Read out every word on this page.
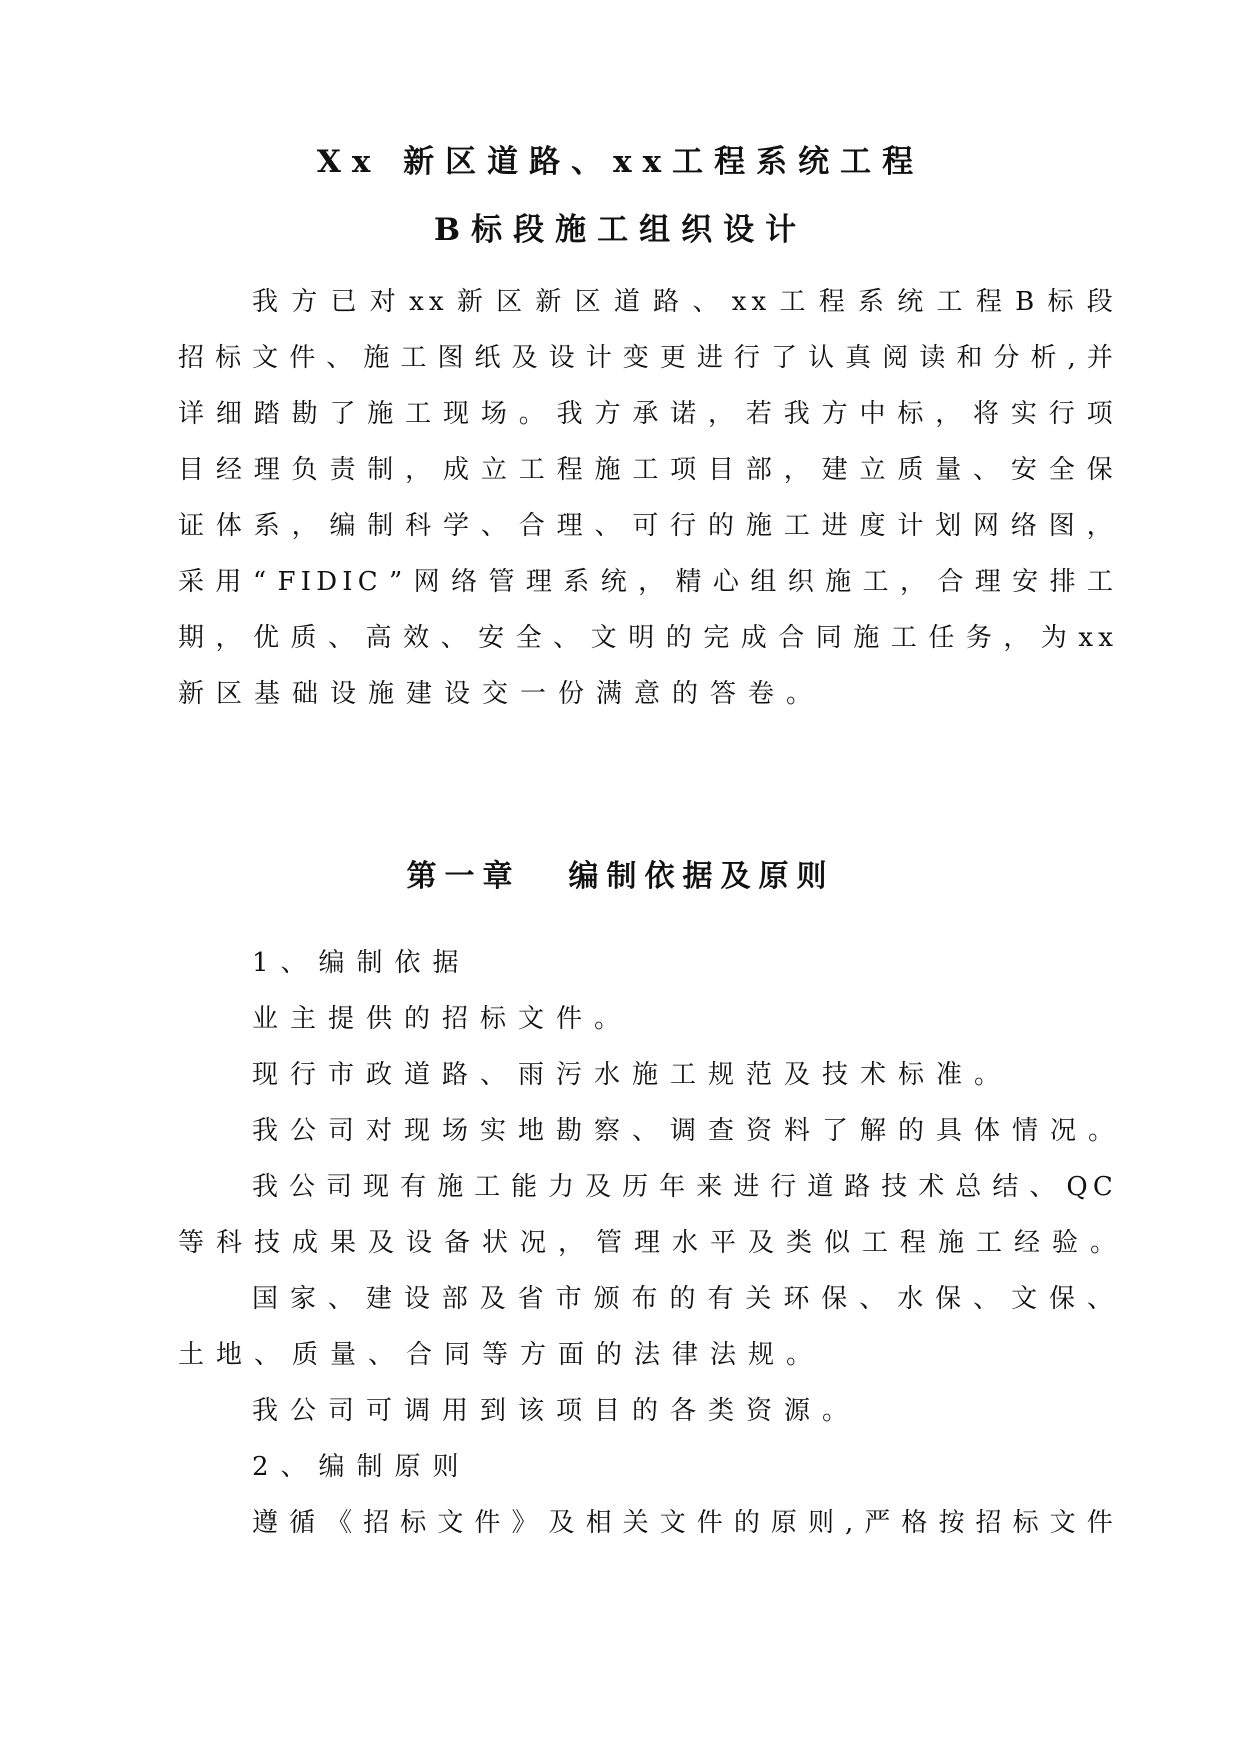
Xx 新区道路、xx工程系统工程
B标段施工组织设计
我 方 已 对 x x 新 区 新 区 道 路 、 x x 工 程 系 统 工 程 B 标 段
招 标 文 件 、 施 工 图 纸 及 设 计 变 更 进 行 了 认 真 阅 读 和 分 析 , 并
详 细 踏 勘 了 施 工 现 场 。 我 方 承 诺 ， 若 我 方 中 标 ， 将 实 行 项
目 经 理 负 责 制 ， 成 立 工 程 施 工 项 目 部 ， 建 立 质 量 、 安 全 保
证 体 系 ， 编 制 科 学 、 合 理 、 可 行 的 施 工 进 度 计 划 网 络 图 ，
采 用 “ F I D I C ” 网 络 管 理 系 统 ， 精 心 组 织 施 工 ， 合 理 安 排 工
期 ， 优 质 、 高 效 、 安 全 、 文 明 的 完 成 合 同 施 工 任 务 ， 为 x x
新区基础设施建设交一份满意的答卷。
第一章 编制依据及原则
1、编制依据
业主提供的招标文件。
现行市政道路、雨污水施工规范及技术标准。
我公司对现场实地勘察、调查资料了解的具体情况。
我 公 司 现 有 施 工 能 力 及 历 年 来 进 行 道 路 技 术 总 结 、 Q C
等科技成果及设备状况，管理水平及类似工程施工经验。
国 家 、 建 设 部 及 省 市 颁 布 的 有 关 环 保 、 水 保 、 文 保 、
土地、质量、合同等方面的法律法规。
我公司可调用到该项目的各类资源。
2、编制原则
遵 循 《 招 标 文 件 》 及 相 关 文 件 的 原 则 , 严 格 按 招 标 文 件
